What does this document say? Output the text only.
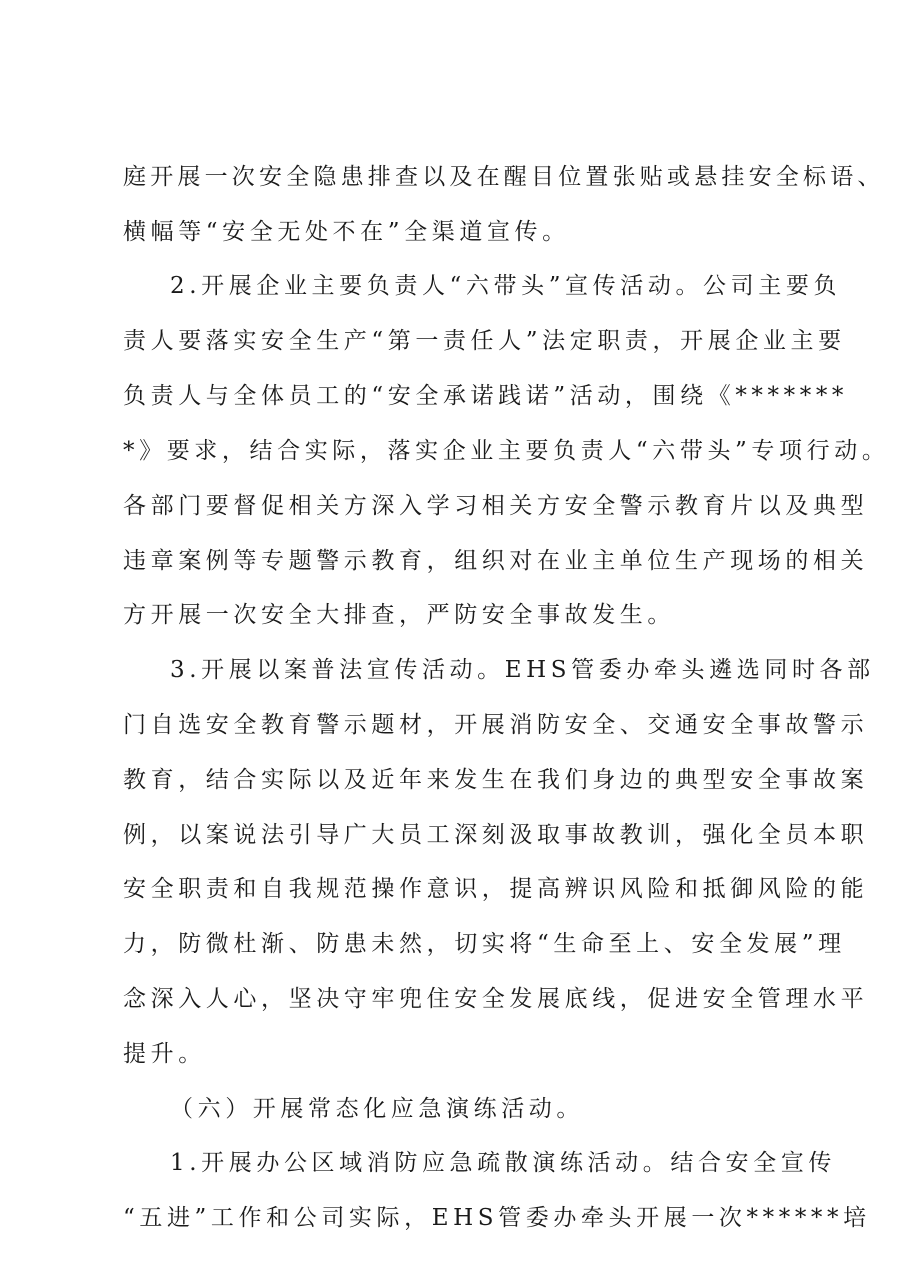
庭开展一次安全隐患排查以及在醒目位置张贴或悬挂安全标语、
横幅等“安全无处不在”全渠道宣传。
2.开展企业主要负责人“六带头”宣传活动。公司主要负
责人要落实安全生产“第一责任人”法定职责，开展企业主要
负责人与全体员工的“安全承诺践诺”活动，围绕《*******
*》要求，结合实际，落实企业主要负责人“六带头”专项行动。
各部门要督促相关方深入学习相关方安全警示教育片以及典型
违章案例等专题警示教育，组织对在业主单位生产现场的相关
方开展一次安全大排查，严防安全事故发生。
3.开展以案普法宣传活动。EHS管委办牵头遴选同时各部
门自选安全教育警示题材，开展消防安全、交通安全事故警示
教育，结合实际以及近年来发生在我们身边的典型安全事故案
例，以案说法引导广大员工深刻汲取事故教训，强化全员本职
安全职责和自我规范操作意识，提高辨识风险和抵御风险的能
力，防微杜渐、防患未然，切实将“生命至上、安全发展”理
念深入人心，坚决守牢兜住安全发展底线，促进安全管理水平
提升。
（六）开展常态化应急演练活动。
1.开展办公区域消防应急疏散演练活动。结合安全宣传
“五进”工作和公司实际，EHS管委办牵头开展一次******培
